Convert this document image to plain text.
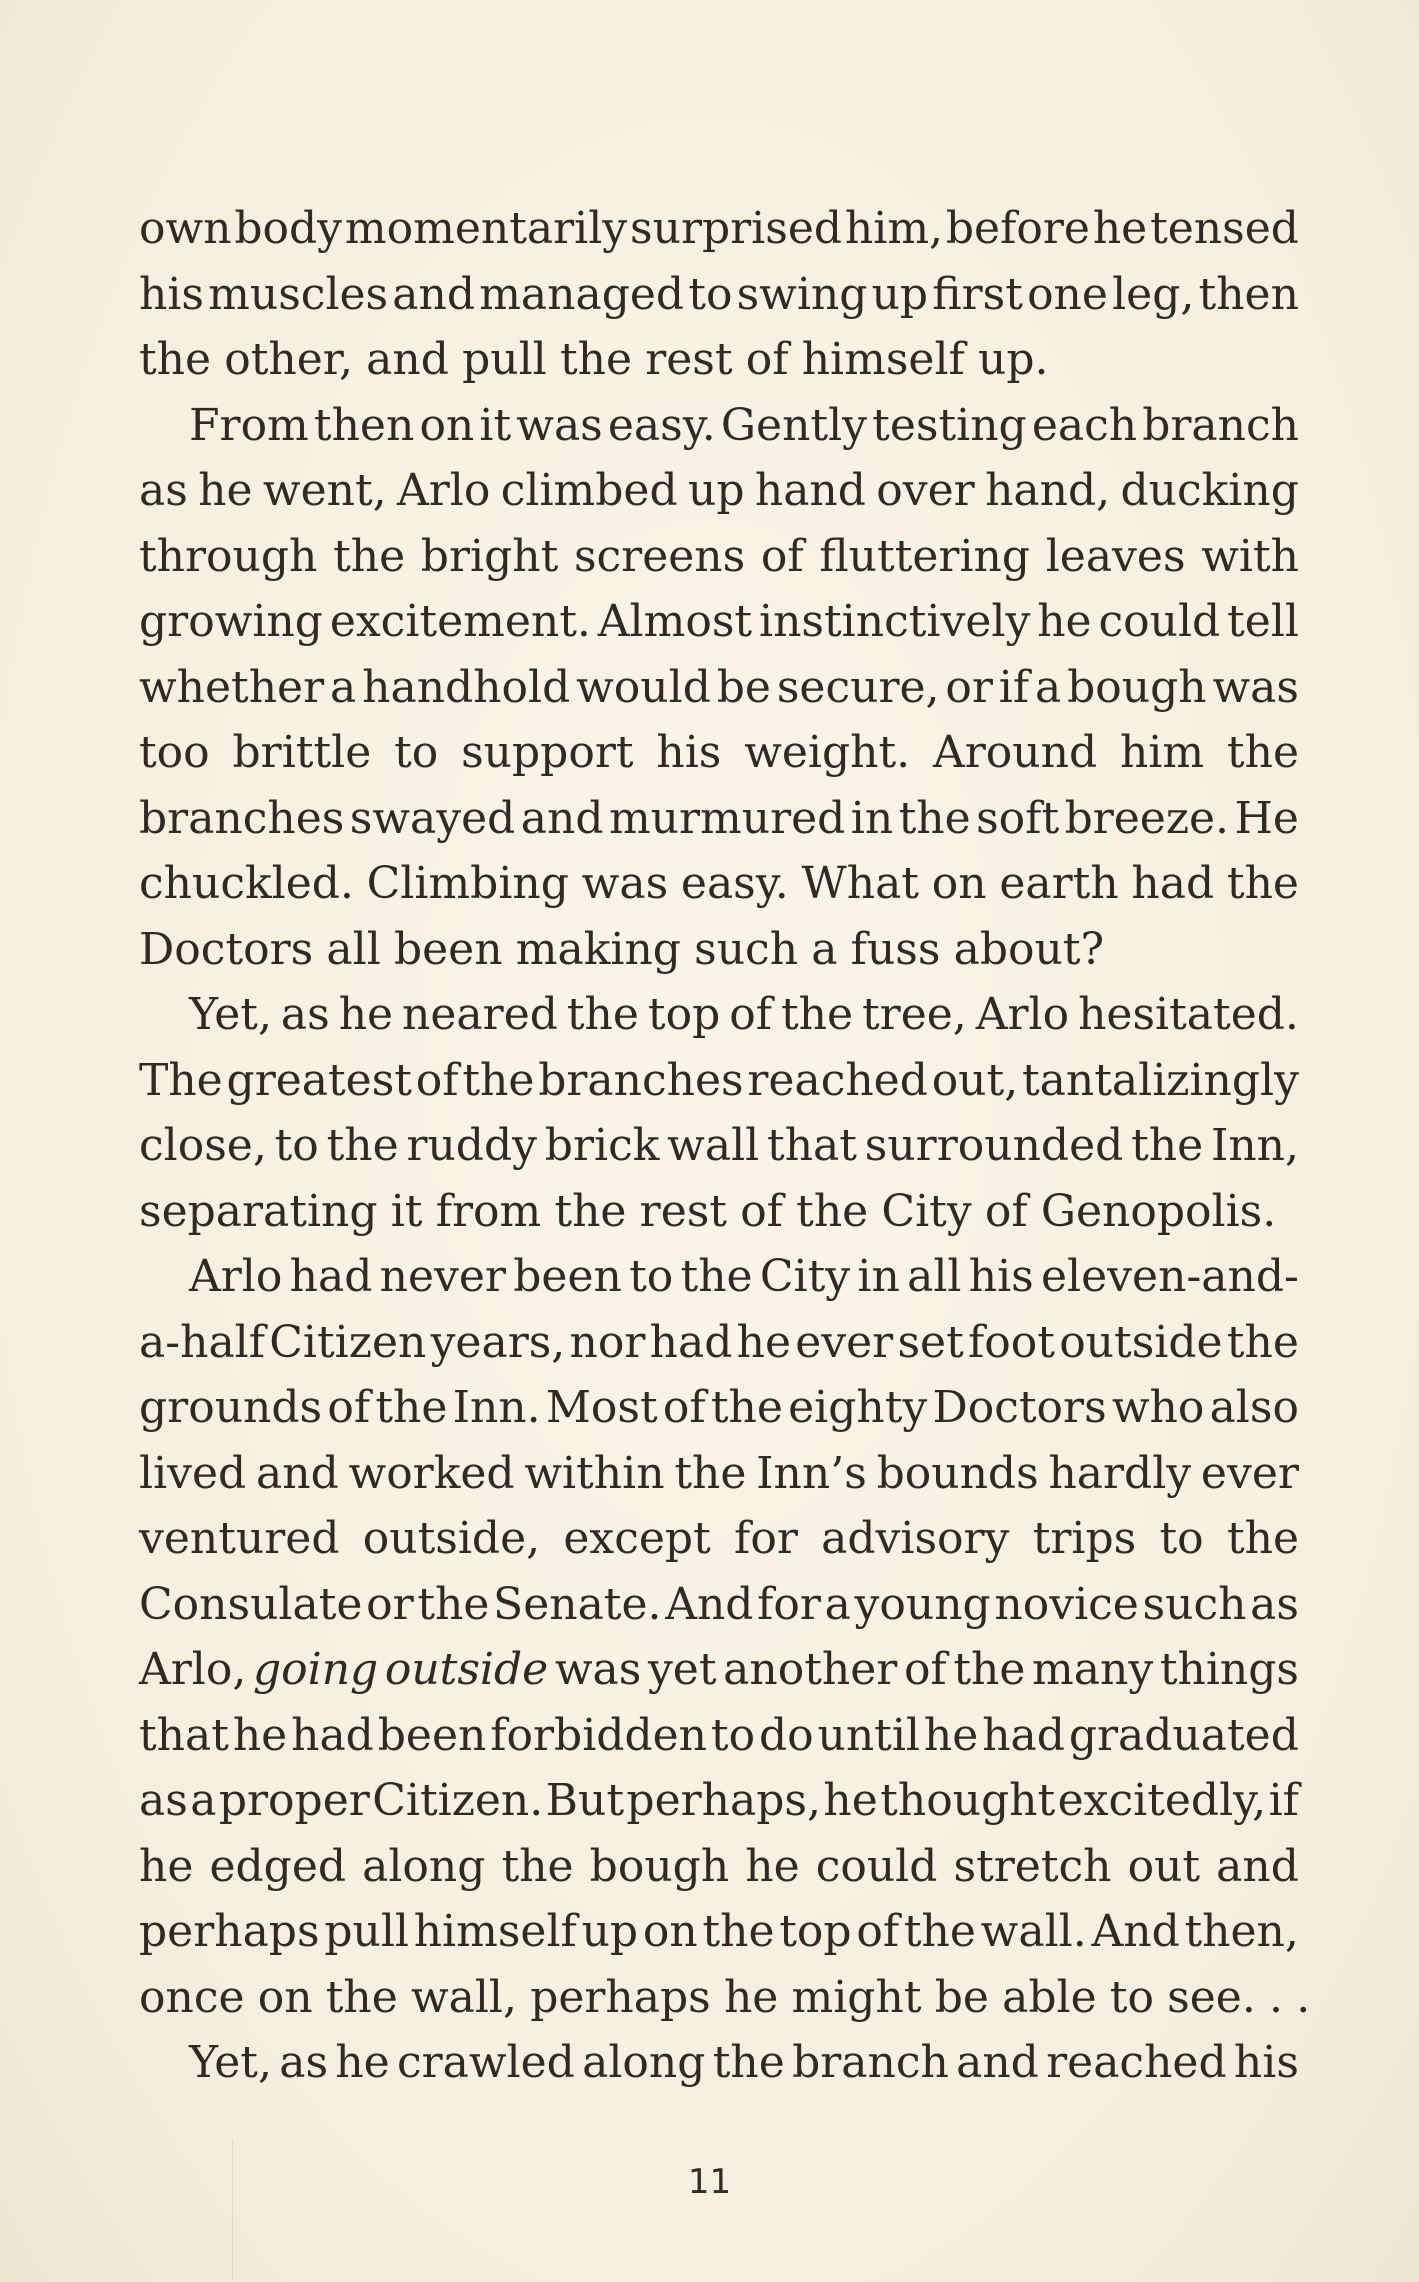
own body momentarily surprised him, before he tensed
his muscles and managed to swing up first one leg, then
the other, and pull the rest of himself up.
From then on it was easy. Gently testing each branch
as he went, Arlo climbed up hand over hand, ducking
through the bright screens of fluttering leaves with
growing excitement. Almost instinctively he could tell
whether a handhold would be secure, or if a bough was
too brittle to support his weight. Around him the
branches swayed and murmured in the soft breeze. He
chuckled. Climbing was easy. What on earth had the
Doctors all been making such a fuss about?
Yet, as he neared the top of the tree, Arlo hesitated.
The greatest of the branches reached out, tantalizingly
close, to the ruddy brick wall that surrounded the Inn,
separating it from the rest of the City of Genopolis.
Arlo had never been to the City in all his eleven-and-
a-half Citizen years, nor had he ever set foot outside the
grounds of the Inn. Most of the eighty Doctors who also
lived and worked within the Inn’s bounds hardly ever
ventured outside, except for advisory trips to the
Consulate or the Senate. And for a young novice such as
Arlo, going outside was yet another of the many things
that he had been forbidden to do until he had graduated
as a proper Citizen. But perhaps, he thought excitedly, if
he edged along the bough he could stretch out and
perhaps pull himself up on the top of the wall. And then,
once on the wall, perhaps he might be able to see. . .
Yet, as he crawled along the branch and reached his
11
